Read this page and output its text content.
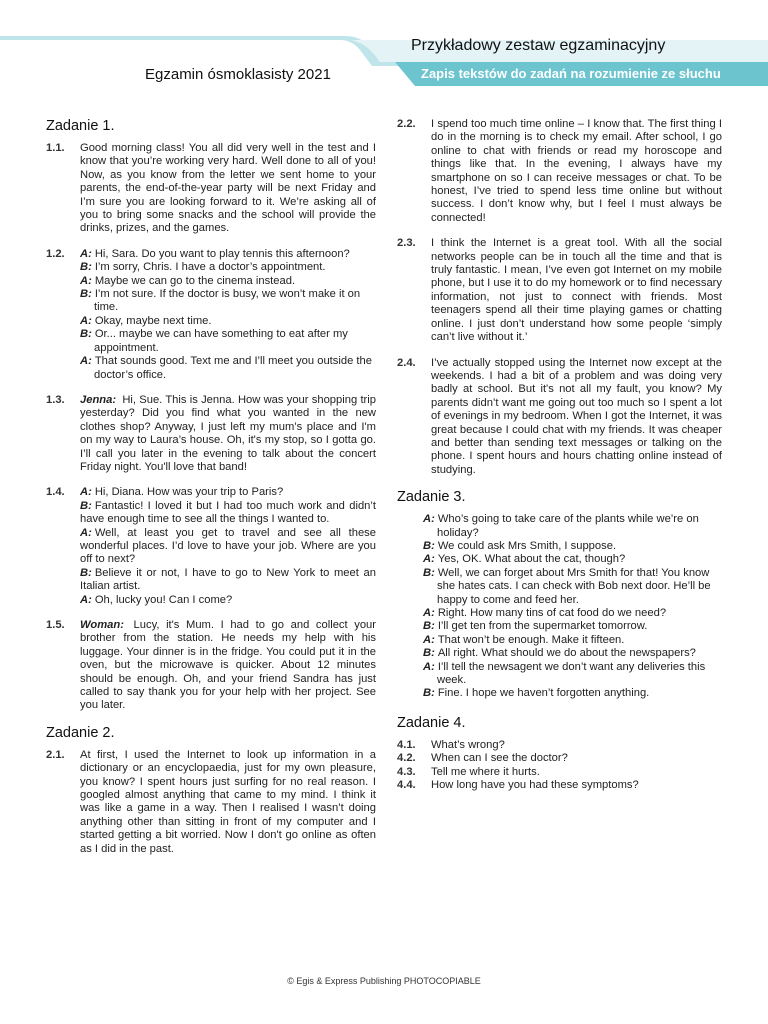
Przykładowy zestaw egzaminacyjny
Egzamin ósmoklasisty 2021	Zapis tekstów do zadań na rozumienie ze słuchu
Zadanie 1.
1.1.	Good morning class! You all did very well in the test and I know that you’re working very hard. Well done to all of you! Now, as you know from the letter we sent home to your parents, the end-of-the-year party will be next Friday and I’m sure you are looking forward to it. We’re asking all of you to bring some snacks and the school will provide the drinks, prizes, and the games.
1.2.	A: Hi, Sara. Do you want to play tennis this afternoon?
B: I’m sorry, Chris. I have a doctor’s appointment.
A: Maybe we can go to the cinema instead.
B: I’m not sure. If the doctor is busy, we won’t make it on time.
A: Okay, maybe next time.
B: Or... maybe we can have something to eat after my appointment.
A: That sounds good. Text me and I’ll meet you outside the doctor’s office.
1.3.	Jenna: Hi, Sue. This is Jenna. How was your shopping trip yesterday? Did you find what you wanted in the new clothes shop? Anyway, I just left my mum’s place and I'm on my way to Laura’s house. Oh, it's my stop, so I gotta go. I’ll call you later in the evening to talk about the concert Friday night. You'll love that band!
1.4.	A: Hi, Diana. How was your trip to Paris?
B: Fantastic! I loved it but I had too much work and didn’t have enough time to see all the things I wanted to.
A: Well, at least you get to travel and see all these wonderful places. I’d love to have your job. Where are you off to next?
B: Believe it or not, I have to go to New York to meet an Italian artist.
A: Oh, lucky you! Can I come?
1.5.	Woman: Lucy, it's Mum. I had to go and collect your brother from the station. He needs my help with his luggage. Your dinner is in the fridge. You could put it in the oven, but the microwave is quicker. About 12 minutes should be enough. Oh, and your friend Sandra has just called to say thank you for your help with her project. See you later.
Zadanie 2.
2.1.	At first, I used the Internet to look up information in a dictionary or an encyclopaedia, just for my own pleasure, you know? I spent hours just surfing for no real reason. I googled almost anything that came to my mind. I think it was like a game in a way. Then I realised I wasn’t doing anything other than sitting in front of my computer and I started getting a bit worried. Now I don't go online as often as I did in the past.
2.2.	I spend too much time online – I know that. The first thing I do in the morning is to check my email. After school, I go online to chat with friends or read my horoscope and things like that. In the evening, I always have my smartphone on so I can receive messages or chat. To be honest, I’ve tried to spend less time online but without success. I don’t know why, but I feel I must always be connected!
2.3.	I think the Internet is a great tool. With all the social networks people can be in touch all the time and that is truly fantastic. I mean, I’ve even got Internet on my mobile phone, but I use it to do my homework or to find necessary information, not just to connect with friends. Most teenagers spend all their time playing games or chatting online. I just don’t understand how some people ‘simply can’t live without it.’
2.4.	I’ve actually stopped using the Internet now except at the weekends. I had a bit of a problem and was doing very badly at school. But it's not all my fault, you know? My parents didn’t want me going out too much so I spent a lot of evenings in my bedroom. When I got the Internet, it was great because I could chat with my friends. It was cheaper and better than sending text messages or talking on the phone. I spent hours and hours chatting online instead of studying.
Zadanie 3.
A: Who’s going to take care of the plants while we’re on holiday?
B: We could ask Mrs Smith, I suppose.
A: Yes, OK. What about the cat, though?
B: Well, we can forget about Mrs Smith for that! You know she hates cats. I can check with Bob next door. He’ll be happy to come and feed her.
A: Right. How many tins of cat food do we need?
B: I’ll get ten from the supermarket tomorrow.
A: That won’t be enough. Make it fifteen.
B: All right. What should we do about the newspapers?
A: I’ll tell the newsagent we don’t want any deliveries this week.
B: Fine. I hope we haven’t forgotten anything.
Zadanie 4.
4.1.	What’s wrong?
4.2.	When can I see the doctor?
4.3.	Tell me where it hurts.
4.4.	How long have you had these symptoms?
© Egis & Express Publishing PHOTOCOPIABLE
